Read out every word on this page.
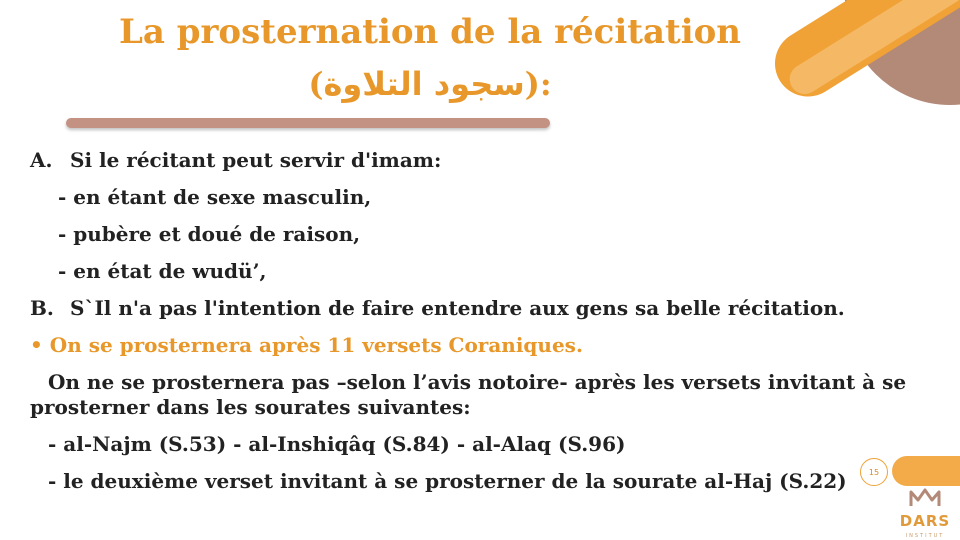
La prosternation de la récitation
(سجود التلاوة):
A. Si le récitant peut servir d'imam:
- en étant de sexe masculin,
- pubère et doué de raison,
- en état de wudü’,
B. S`Il n'a pas l'intention de faire entendre aux gens sa belle récitation.
• On se prosternera après 11 versets Coraniques.
On ne se prosternera pas –selon l’avis notoire- après les versets invitant à se prosterner dans les sourates suivantes:
- al-Najm (S.53) - al-Inshiqâq (S.84) - al-Alaq (S.96)
- le deuxième verset invitant à se prosterner de la sourate al-Haj (S.22)	15
DARS
INSTITUT
